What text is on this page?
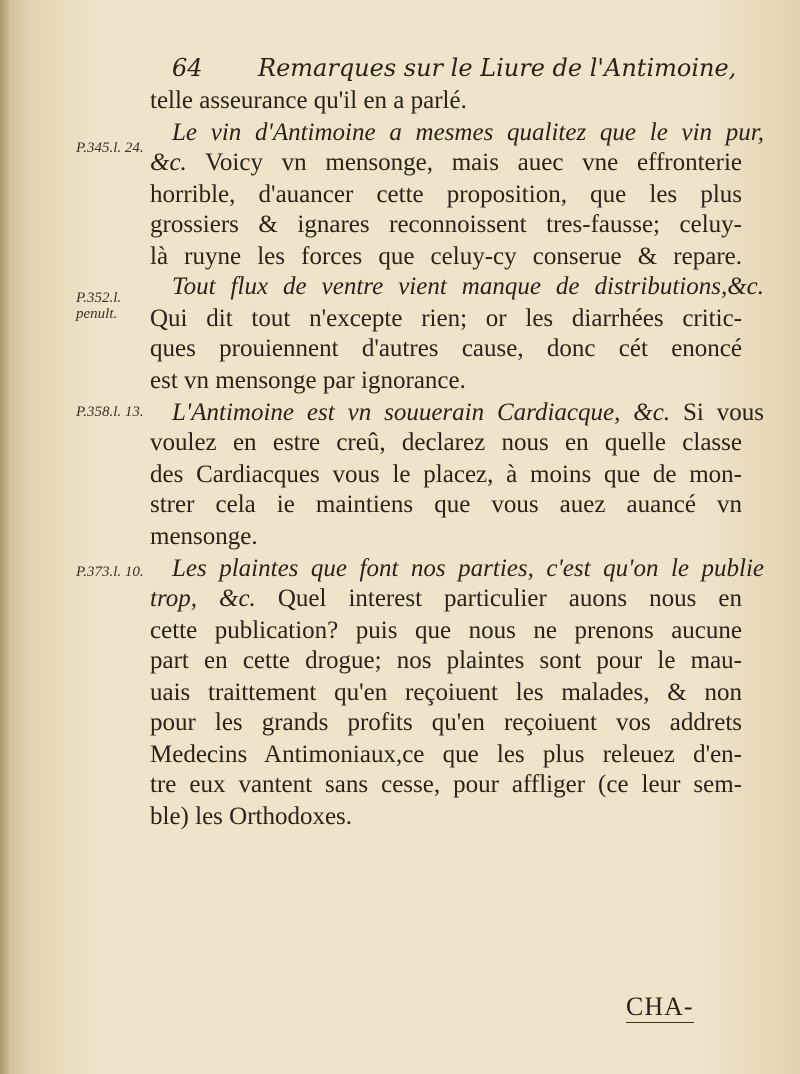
64 Remarques sur le Liure de l'Antimoine,
P.345.l. 24.
P.352.l. penult.
P.358.l. 13.
P.373.l. 10.
telle asseurance qu'il en a parlé.
Le vin d'Antimoine a mesmes qualitez que le vin pur,
&c. Voicy vn mensonge, mais auec vne effronterie
horrible, d'auancer cette proposition, que les plus
grossiers & ignares reconnoissent tres-fausse; celuy-
là ruyne les forces que celuy-cy conserue & repare.
Tout flux de ventre vient manque de distributions,&c.
Qui dit tout n'excepte rien; or les diarrhées critic-
ques prouiennent d'autres cause, donc cét enoncé
est vn mensonge par ignorance.
L'Antimoine est vn souuerain Cardiacque, &c. Si vous
voulez en estre creû, declarez nous en quelle classe
des Cardiacques vous le placez, à moins que de mon-
strer cela ie maintiens que vous auez auancé vn
mensonge.
Les plaintes que font nos parties, c'est qu'on le publie
trop, &c. Quel interest particulier auons nous en
cette publication? puis que nous ne prenons aucune
part en cette drogue; nos plaintes sont pour le mau-
uais traittement qu'en reçoiuent les malades, & non
pour les grands profits qu'en reçoiuent vos addrets
Medecins Antimoniaux,ce que les plus releuez d'en-
tre eux vantent sans cesse, pour affliger (ce leur sem-
ble) les Orthodoxes.
CHA-
